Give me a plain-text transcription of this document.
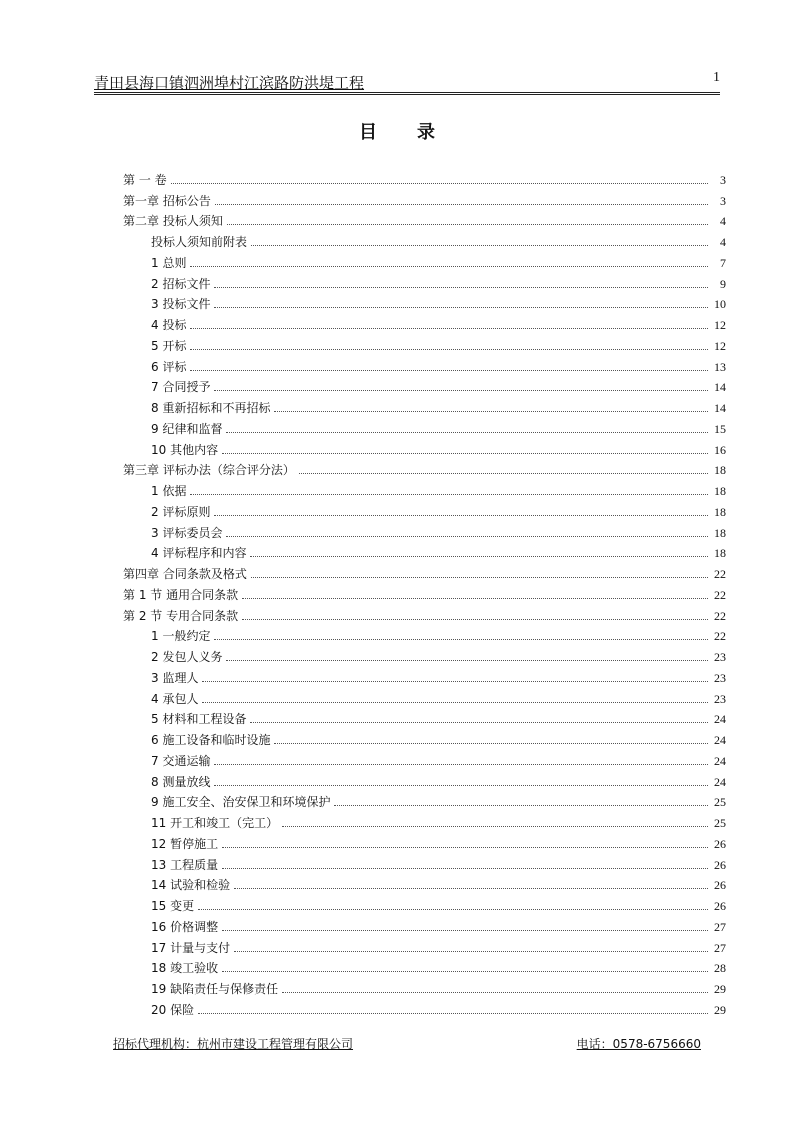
青田县海口镇泗洲埠村江滨路防洪堤工程	1
目录
第 一 卷	3
第一章 招标公告	3
第二章 投标人须知	4
投标人须知前附表	4
1 总则	7
2 招标文件	9
3 投标文件	10
4 投标	12
5 开标	12
6 评标	13
7 合同授予	14
8 重新招标和不再招标	14
9 纪律和监督	15
10 其他内容	16
第三章 评标办法（综合评分法）	18
1 依据	18
2 评标原则	18
3 评标委员会	18
4 评标程序和内容	18
第四章 合同条款及格式	22
第 1 节 通用合同条款	22
第 2 节 专用合同条款	22
1 一般约定	22
2 发包人义务	23
3 监理人	23
4 承包人	23
5 材料和工程设备	24
6 施工设备和临时设施	24
7 交通运输	24
8 测量放线	24
9 施工安全、治安保卫和环境保护	25
11 开工和竣工（完工）	25
12 暂停施工	26
13 工程质量	26
14 试验和检验	26
15 变更	26
16 价格调整	27
17 计量与支付	27
18 竣工验收	28
19 缺陷责任与保修责任	29
20 保险	29
招标代理机构：杭州市建设工程管理有限公司	电话：0578-6756660
